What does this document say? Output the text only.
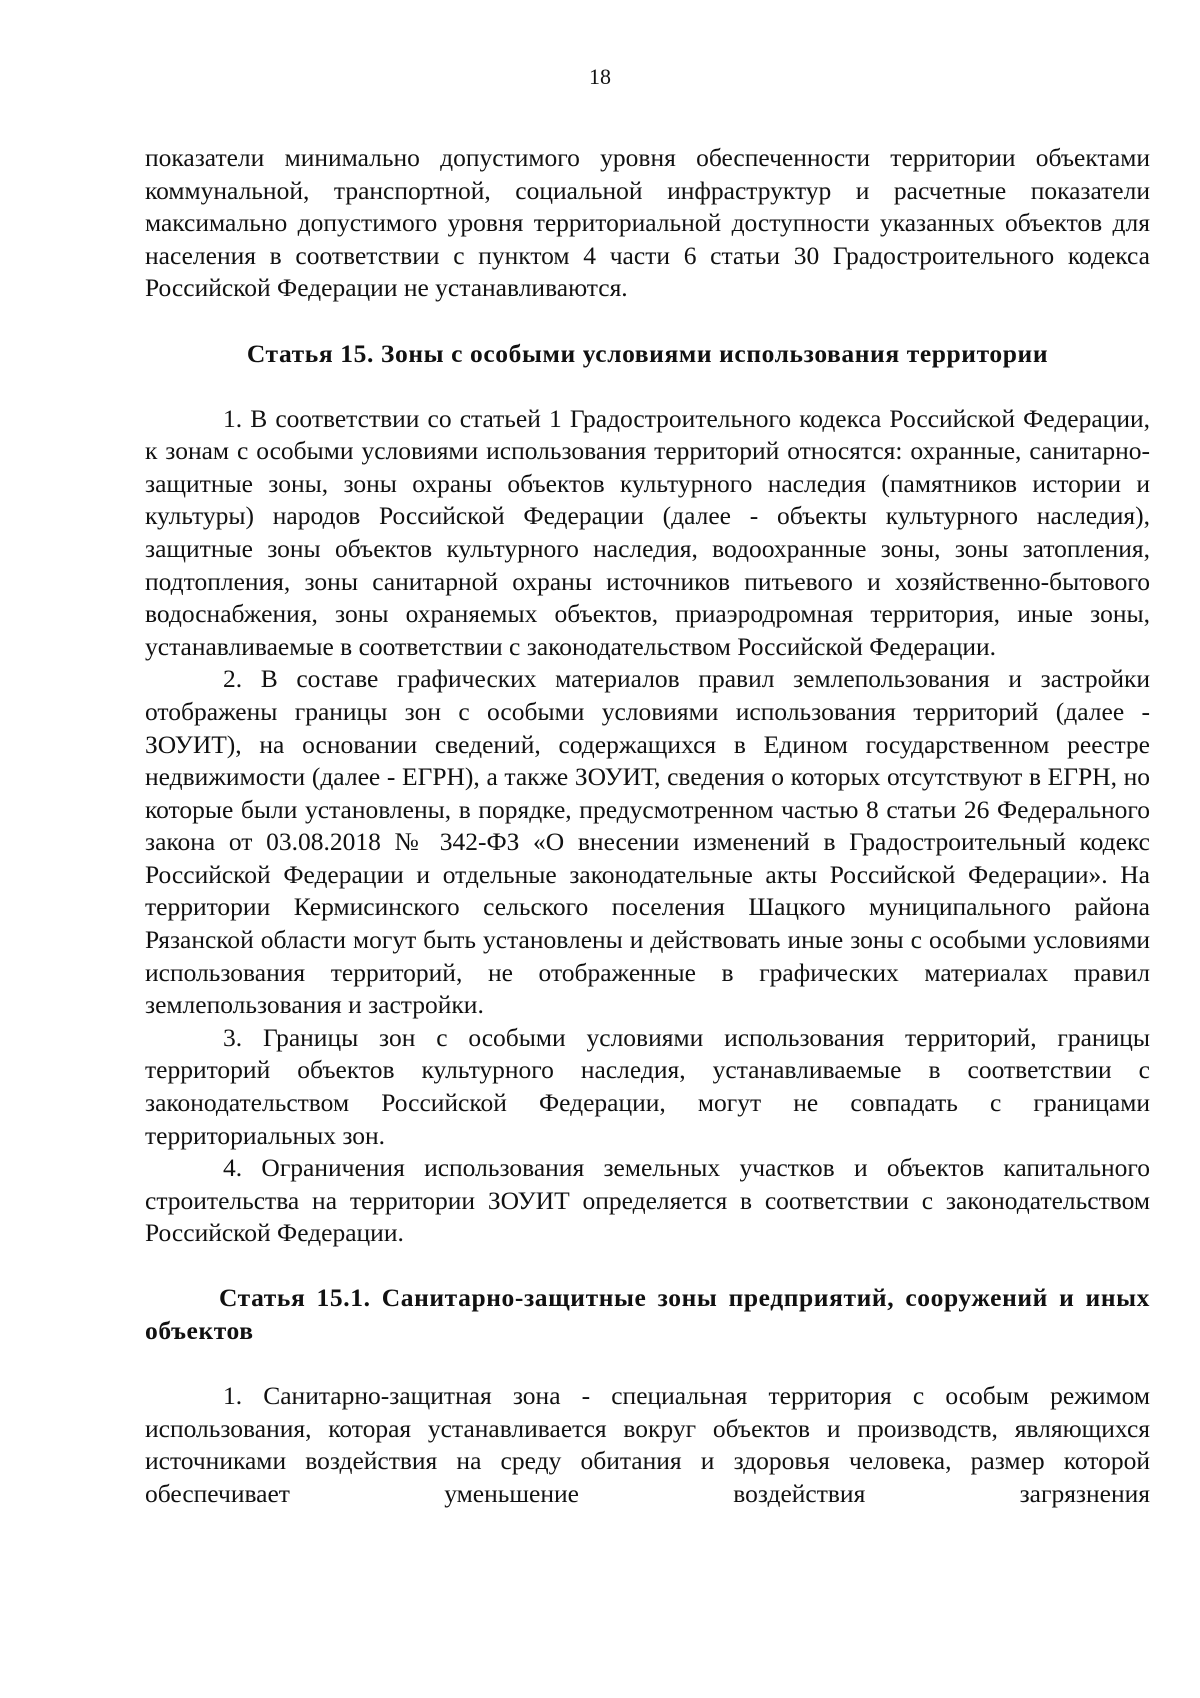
18

показатели минимально допустимого уровня обеспеченности территории объектами коммунальной, транспортной, социальной инфраструктур и расчетные показатели максимально допустимого уровня территориальной доступности указанных объектов для населения в соответствии с пунктом 4 части 6 статьи 30 Градостроительного кодекса Российской Федерации не устанавливаются.

Статья 15. Зоны с особыми условиями использования территории

1. В соответствии со статьей 1 Градостроительного кодекса Российской Федерации, к зонам с особыми условиями использования территорий относятся: охранные, санитарно-защитные зоны, зоны охраны объектов культурного наследия (памятников истории и культуры) народов Российской Федерации (далее - объекты культурного наследия), защитные зоны объектов культурного наследия, водоохранные зоны, зоны затопления, подтопления, зоны санитарной охраны источников питьевого и хозяйственно-бытового водоснабжения, зоны охраняемых объектов, приаэродромная территория, иные зоны, устанавливаемые в соответствии с законодательством Российской Федерации.

2. В составе графических материалов правил землепользования и застройки отображены границы зон с особыми условиями использования территорий (далее - ЗОУИТ), на основании сведений, содержащихся в Едином государственном реестре недвижимости (далее - ЕГРН), а также ЗОУИТ, сведения о которых отсутствуют в ЕГРН, но которые были установлены, в порядке, предусмотренном частью 8 статьи 26 Федерального закона от 03.08.2018 № 342-ФЗ «О внесении изменений в Градостроительный кодекс Российской Федерации и отдельные законодательные акты Российской Федерации». На территории Кермисинского сельского поселения Шацкого муниципального района Рязанской области могут быть установлены и действовать иные зоны с особыми условиями использования территорий, не отображенные в графических материалах правил землепользования и застройки.

3. Границы зон с особыми условиями использования территорий, границы территорий объектов культурного наследия, устанавливаемые в соответствии с законодательством Российской Федерации, могут не совпадать с границами территориальных зон.

4. Ограничения использования земельных участков и объектов капитального строительства на территории ЗОУИТ определяется в соответствии с законодательством Российской Федерации.

Статья 15.1. Санитарно-защитные зоны предприятий, сооружений и иных объектов

1. Санитарно-защитная зона - специальная территория с особым режимом использования, которая устанавливается вокруг объектов и производств, являющихся источниками воздействия на среду обитания и здоровья человека, размер которой обеспечивает уменьшение воздействия загрязнения
